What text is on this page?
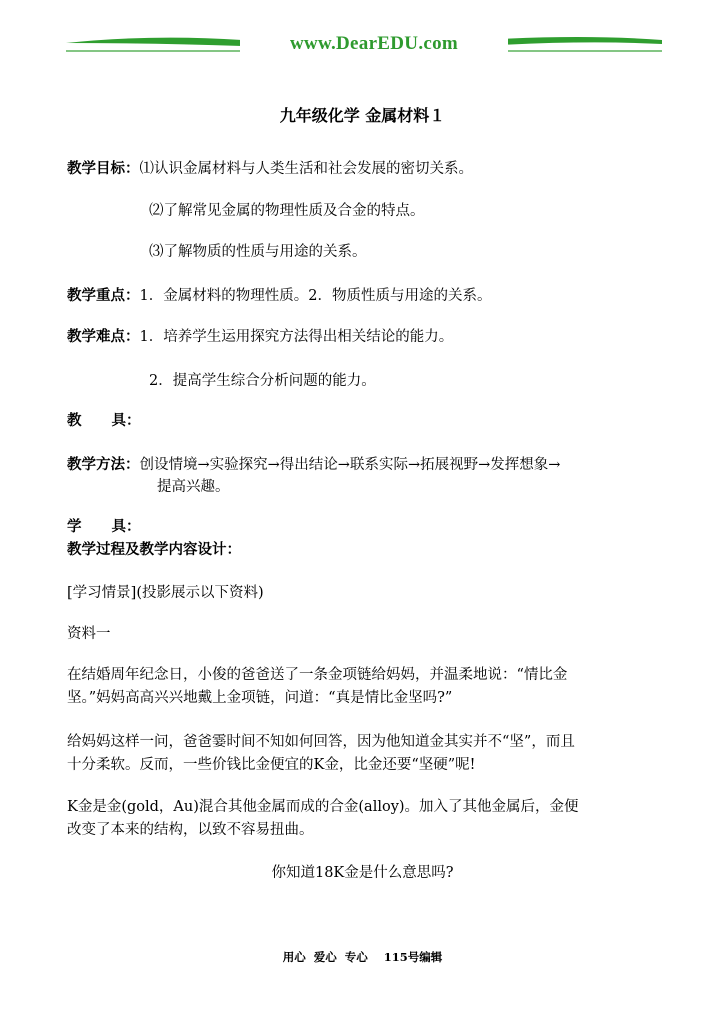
www.DearEDU.com
九年级化学 金属材料１
教学目标：⑴认识金属材料与人类生活和社会发展的密切关系。
⑵了解常见金属的物理性质及合金的特点。
⑶了解物质的性质与用途的关系。
教学重点：1．金属材料的物理性质。2．物质性质与用途的关系。
教学难点：1．培养学生运用探究方法得出相关结论的能力。
2．提高学生综合分析问题的能力。
教 具：
教学方法：创设情境→实验探究→得出结论→联系实际→拓展视野→发挥想象→
提高兴趣。
学 具：
教学过程及教学内容设计：
[学习情景](投影展示以下资料)
资料一
在结婚周年纪念日，小俊的爸爸送了一条金项链给妈妈，并温柔地说：“情比金
坚。”妈妈高高兴兴地戴上金项链，问道：“真是情比金坚吗?”
给妈妈这样一问，爸爸霎时间不知如何回答，因为他知道金其实并不“坚”，而且
十分柔软。反而，一些价钱比金便宜的K金，比金还要“坚硬”呢!
K金是金(gold，Au)混合其他金属而成的合金(alloy)。加入了其他金属后，金便
改变了本来的结构，以致不容易扭曲。
你知道18K金是什么意思吗?
用心 爱心 专心 115号编辑
